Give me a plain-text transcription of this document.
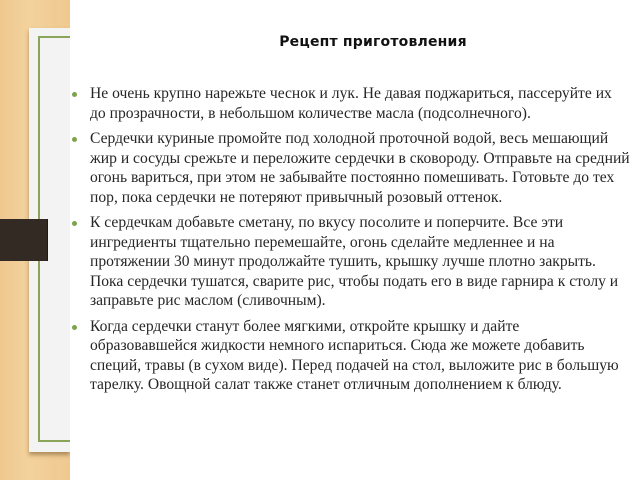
Рецепт приготовления
Не очень крупно нарежьте чеснок и лук. Не давая поджариться, пассеруйте их до прозрачности, в небольшом количестве масла (подсолнечного).
Сердечки куриные промойте под холодной проточной водой, весь мешающий жир и сосуды срежьте и переложите сердечки в сковороду. Отправьте на средний огонь вариться, при этом не забывайте постоянно помешивать. Готовьте до тех пор, пока сердечки не потеряют привычный розовый оттенок.
К сердечкам добавьте сметану, по вкусу посолите и поперчите. Все эти ингредиенты тщательно перемешайте, огонь сделайте медленнее и на протяжении 30 минут продолжайте тушить, крышку лучше плотно закрыть. Пока сердечки тушатся, сварите рис, чтобы подать его в виде гарнира к столу и заправьте рис маслом (сливочным).
Когда сердечки станут более мягкими, откройте крышку и дайте образовавшейся жидкости немного испариться. Сюда же можете добавить специй, травы (в сухом виде). Перед подачей на стол, выложите рис в большую тарелку. Овощной салат также станет отличным дополнением к блюду.
